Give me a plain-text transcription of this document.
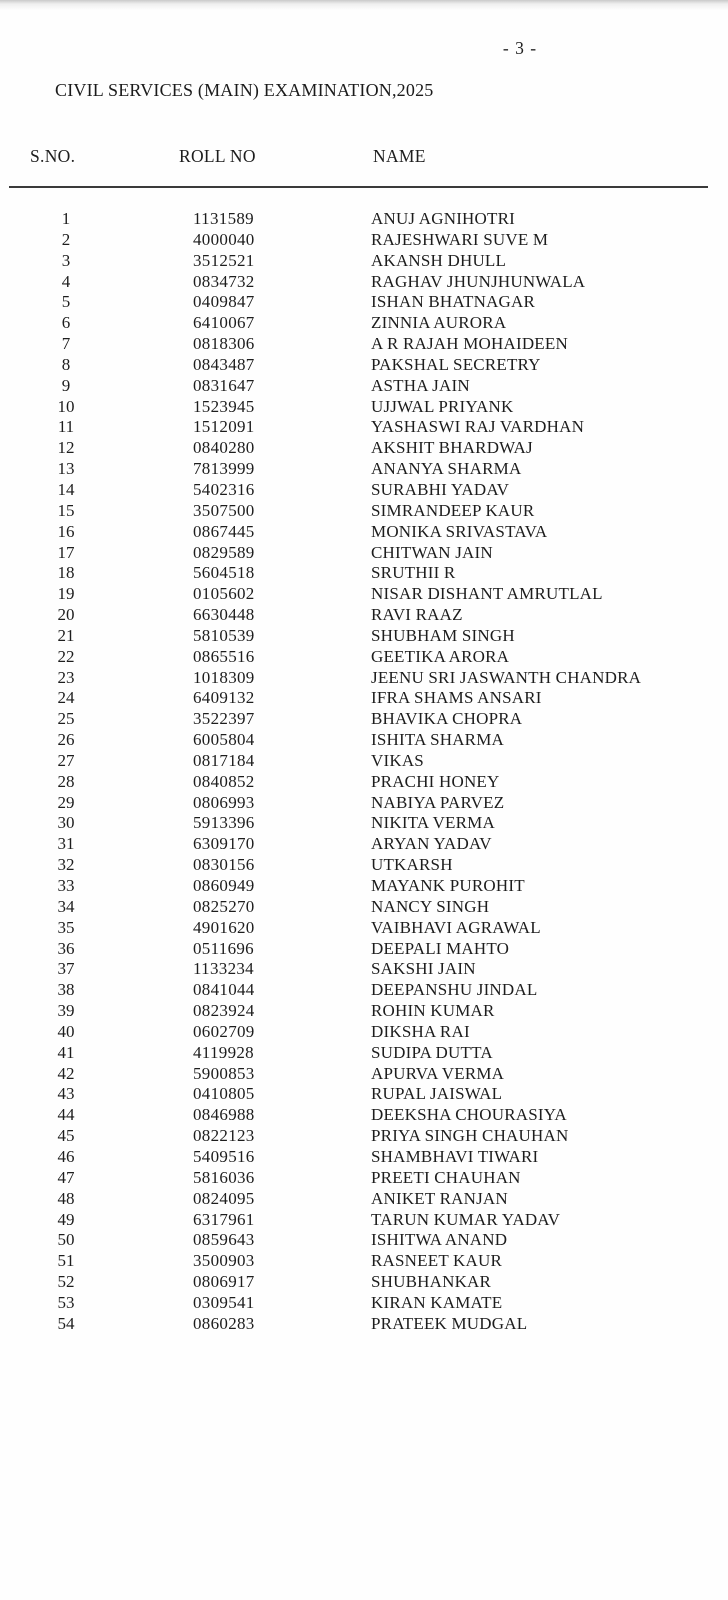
- 3 -
CIVIL SERVICES (MAIN) EXAMINATION,2025
S.NO.	ROLL NO	NAME
1	1131589	ANUJ AGNIHOTRI
2	4000040	RAJESHWARI SUVE M
3	3512521	AKANSH DHULL
4	0834732	RAGHAV JHUNJHUNWALA
5	0409847	ISHAN BHATNAGAR
6	6410067	ZINNIA AURORA
7	0818306	A R RAJAH MOHAIDEEN
8	0843487	PAKSHAL SECRETRY
9	0831647	ASTHA JAIN
10	1523945	UJJWAL PRIYANK
11	1512091	YASHASWI RAJ VARDHAN
12	0840280	AKSHIT BHARDWAJ
13	7813999	ANANYA SHARMA
14	5402316	SURABHI YADAV
15	3507500	SIMRANDEEP KAUR
16	0867445	MONIKA SRIVASTAVA
17	0829589	CHITWAN JAIN
18	5604518	SRUTHII R
19	0105602	NISAR DISHANT AMRUTLAL
20	6630448	RAVI RAAZ
21	5810539	SHUBHAM SINGH
22	0865516	GEETIKA ARORA
23	1018309	JEENU SRI JASWANTH CHANDRA
24	6409132	IFRA SHAMS ANSARI
25	3522397	BHAVIKA CHOPRA
26	6005804	ISHITA SHARMA
27	0817184	VIKAS
28	0840852	PRACHI HONEY
29	0806993	NABIYA PARVEZ
30	5913396	NIKITA VERMA
31	6309170	ARYAN YADAV
32	0830156	UTKARSH
33	0860949	MAYANK PUROHIT
34	0825270	NANCY SINGH
35	4901620	VAIBHAVI AGRAWAL
36	0511696	DEEPALI MAHTO
37	1133234	SAKSHI JAIN
38	0841044	DEEPANSHU JINDAL
39	0823924	ROHIN KUMAR
40	0602709	DIKSHA RAI
41	4119928	SUDIPA DUTTA
42	5900853	APURVA VERMA
43	0410805	RUPAL JAISWAL
44	0846988	DEEKSHA CHOURASIYA
45	0822123	PRIYA SINGH CHAUHAN
46	5409516	SHAMBHAVI TIWARI
47	5816036	PREETI CHAUHAN
48	0824095	ANIKET RANJAN
49	6317961	TARUN KUMAR YADAV
50	0859643	ISHITWA ANAND
51	3500903	RASNEET KAUR
52	0806917	SHUBHANKAR
53	0309541	KIRAN KAMATE
54	0860283	PRATEEK MUDGAL
